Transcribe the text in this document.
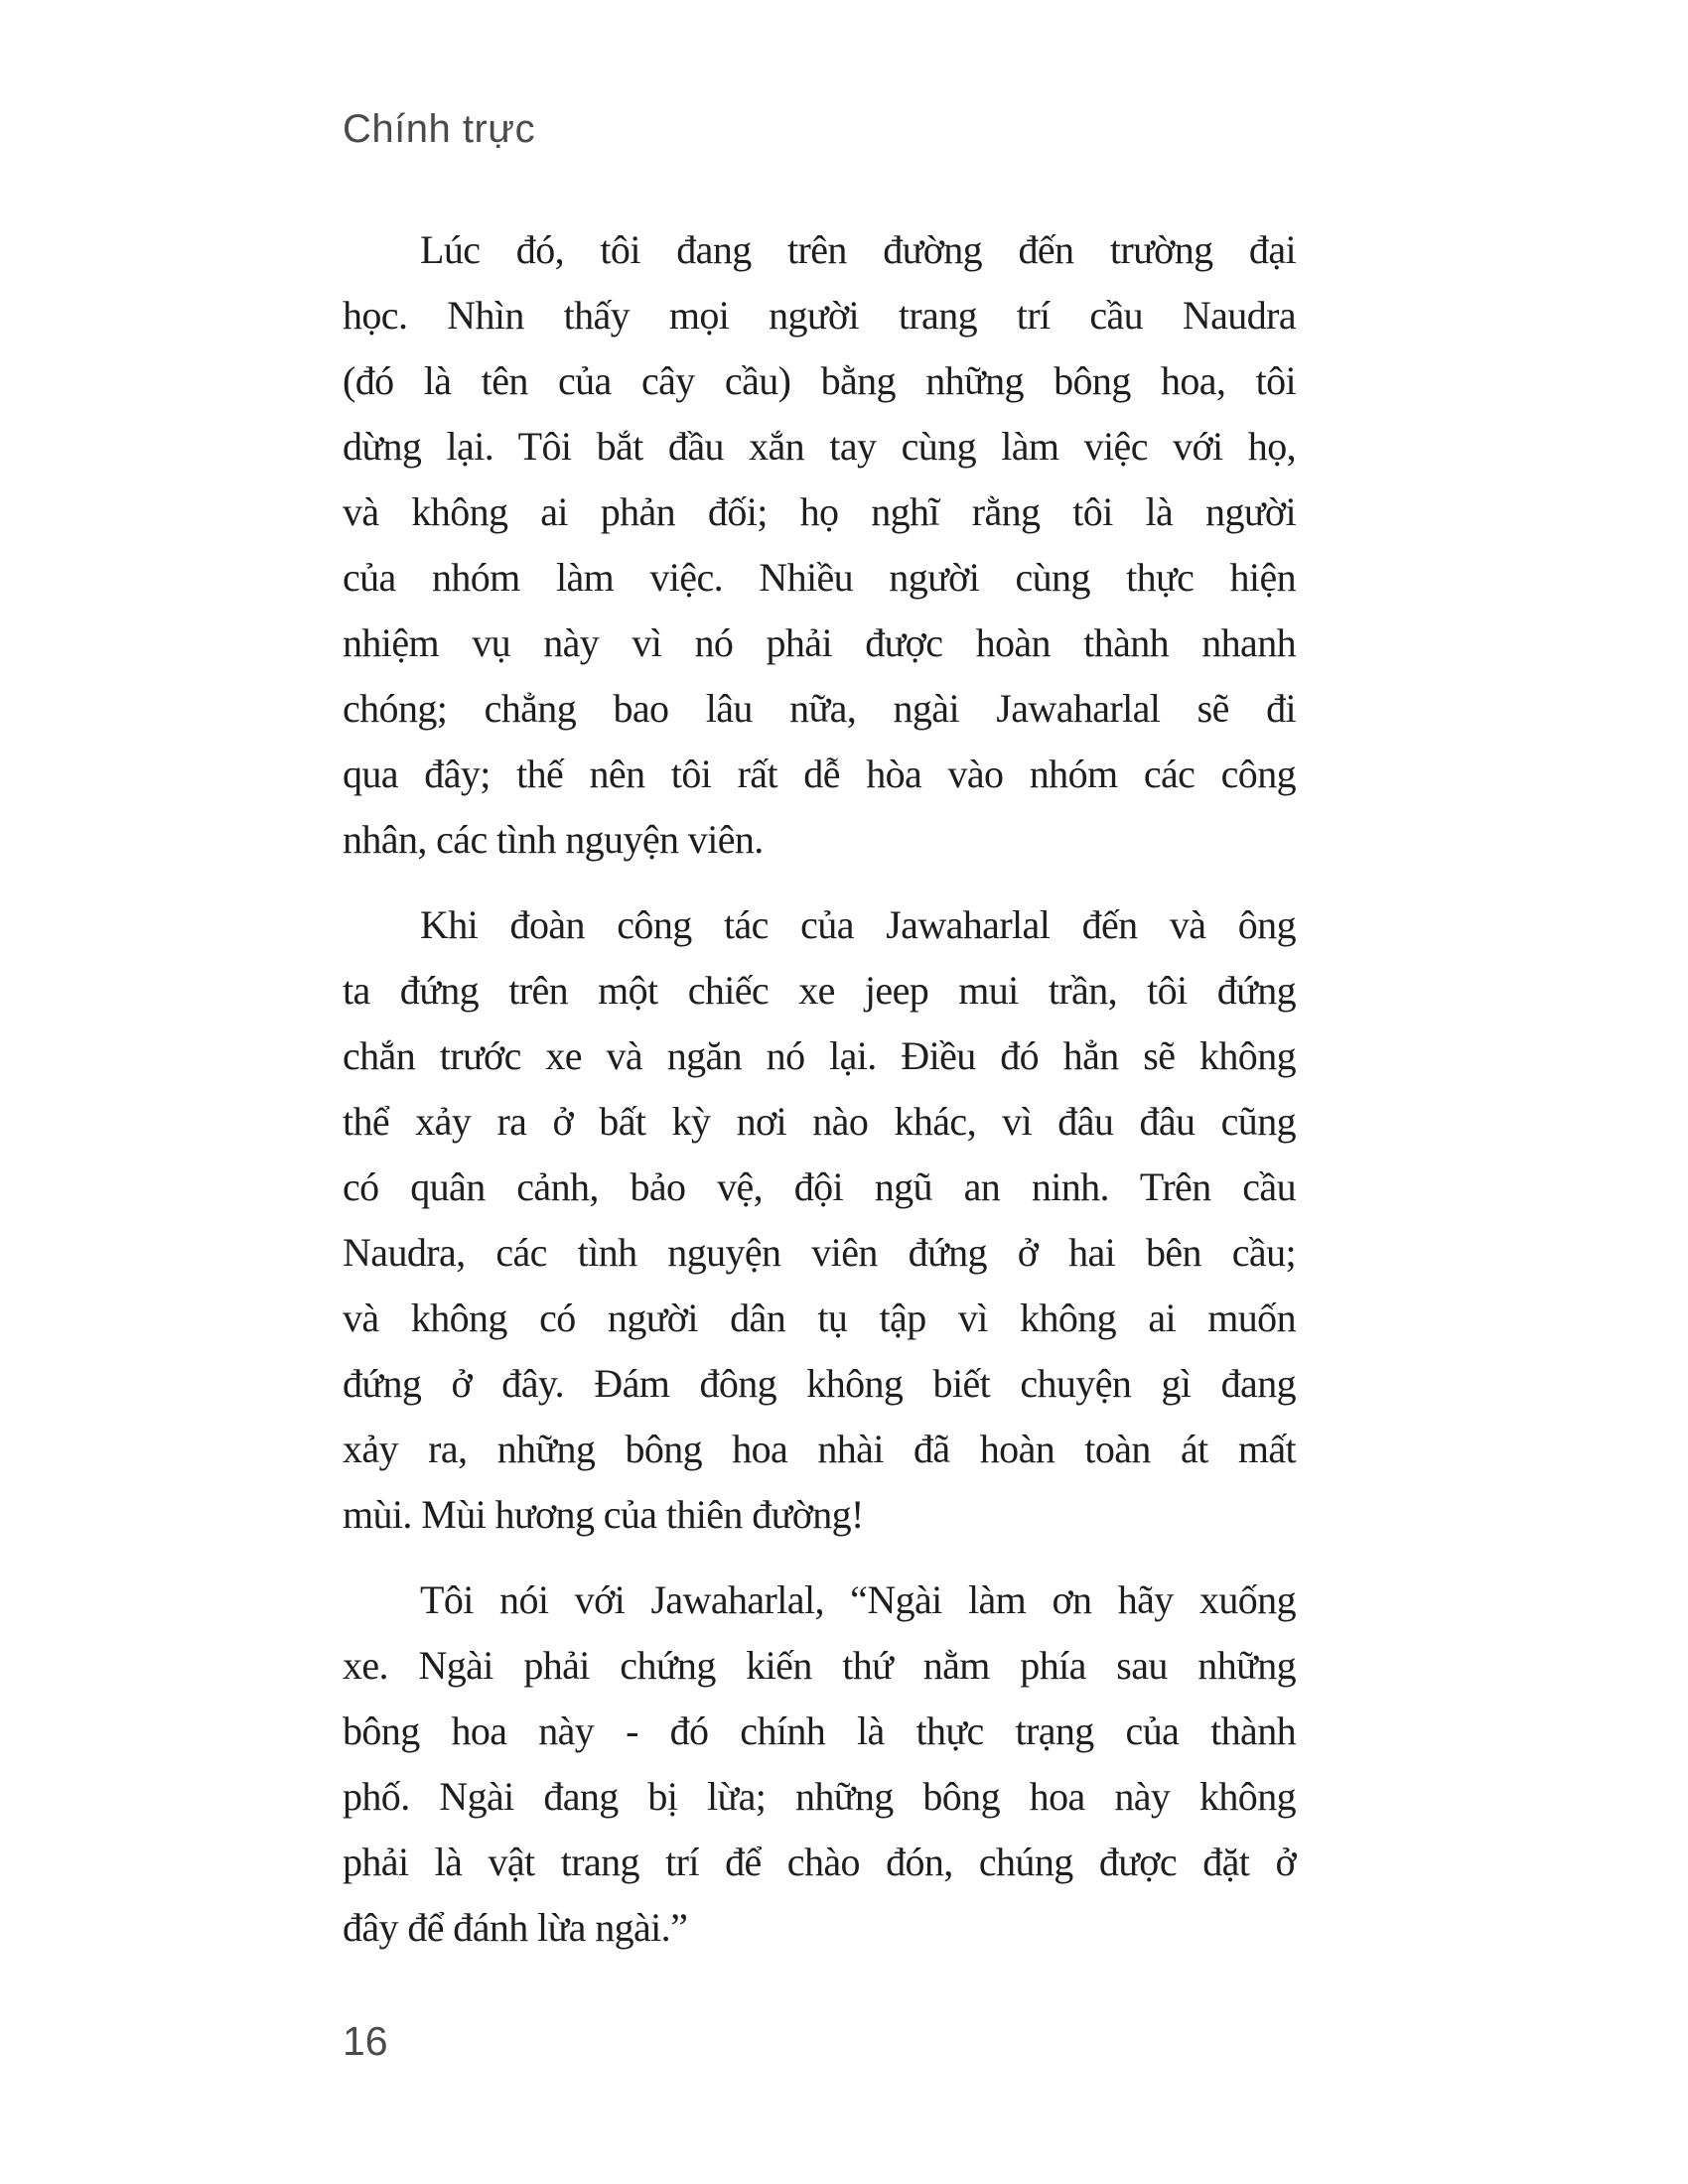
Chính trực
Lúc đó, tôi đang trên đường đến trường đại
học. Nhìn thấy mọi người trang trí cầu Naudra
(đó là tên của cây cầu) bằng những bông hoa, tôi
dừng lại. Tôi bắt đầu xắn tay cùng làm việc với họ,
và không ai phản đối; họ nghĩ rằng tôi là người
của nhóm làm việc. Nhiều người cùng thực hiện
nhiệm vụ này vì nó phải được hoàn thành nhanh
chóng; chẳng bao lâu nữa, ngài Jawaharlal sẽ đi
qua đây; thế nên tôi rất dễ hòa vào nhóm các công
nhân, các tình nguyện viên.
Khi đoàn công tác của Jawaharlal đến và ông
ta đứng trên một chiếc xe jeep mui trần, tôi đứng
chắn trước xe và ngăn nó lại. Điều đó hẳn sẽ không
thể xảy ra ở bất kỳ nơi nào khác, vì đâu đâu cũng
có quân cảnh, bảo vệ, đội ngũ an ninh. Trên cầu
Naudra, các tình nguyện viên đứng ở hai bên cầu;
và không có người dân tụ tập vì không ai muốn
đứng ở đây. Đám đông không biết chuyện gì đang
xảy ra, những bông hoa nhài đã hoàn toàn át mất
mùi. Mùi hương của thiên đường!
Tôi nói với Jawaharlal, “Ngài làm ơn hãy xuống
xe. Ngài phải chứng kiến thứ nằm phía sau những
bông hoa này - đó chính là thực trạng của thành
phố. Ngài đang bị lừa; những bông hoa này không
phải là vật trang trí để chào đón, chúng được đặt ở
đây để đánh lừa ngài.”
16
